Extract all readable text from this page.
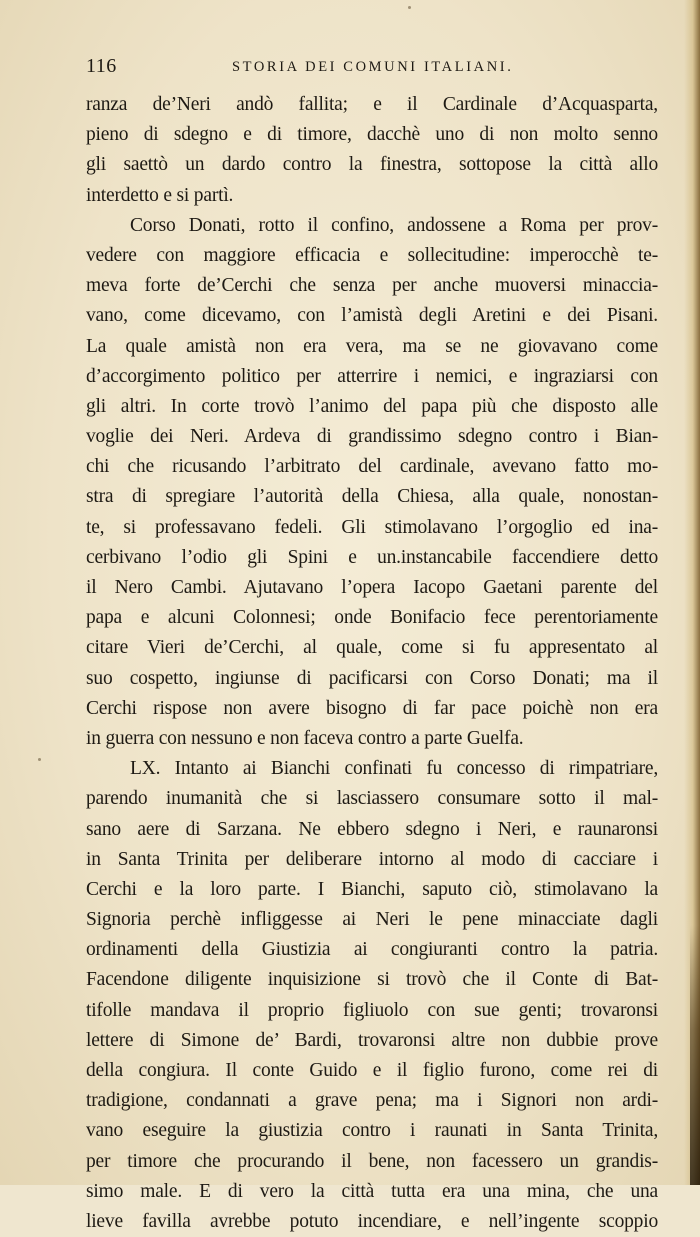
116	STORIA DEI COMUNI ITALIANI.
ranza de’Neri andò fallita; e il Cardinale d’Acquasparta,
pieno di sdegno e di timore, dacchè uno di non molto senno
gli saettò un dardo contro la finestra, sottopose la città allo
interdetto e si partì.
Corso Donati, rotto il confino, andossene a Roma per prov-
vedere con maggiore efficacia e sollecitudine: imperocchè te-
meva forte de’Cerchi che senza per anche muoversi minaccia-
vano, come dicevamo, con l’amistà degli Aretini e dei Pisani.
La quale amistà non era vera, ma se ne giovavano come
d’accorgimento politico per atterrire i nemici, e ingraziarsi con
gli altri. In corte trovò l’animo del papa più che disposto alle
voglie dei Neri. Ardeva di grandissimo sdegno contro i Bian-
chi che ricusando l’arbitrato del cardinale, avevano fatto mo-
stra di spregiare l’autorità della Chiesa, alla quale, nonostan-
te, si professavano fedeli. Gli stimolavano l’orgoglio ed ina-
cerbivano l’odio gli Spini e un.instancabile faccendiere detto
il Nero Cambi. Ajutavano l’opera Iacopo Gaetani parente del
papa e alcuni Colonnesi; onde Bonifacio fece perentoriamente
citare Vieri de’Cerchi, al quale, come si fu appresentato al
suo cospetto, ingiunse di pacificarsi con Corso Donati; ma il
Cerchi rispose non avere bisogno di far pace poichè non era
in guerra con nessuno e non faceva contro a parte Guelfa.
LX. Intanto ai Bianchi confinati fu concesso di rimpatriare,
parendo inumanità che si lasciassero consumare sotto il mal-
sano aere di Sarzana. Ne ebbero sdegno i Neri, e raunaronsi
in Santa Trinita per deliberare intorno al modo di cacciare i
Cerchi e la loro parte. I Bianchi, saputo ciò, stimolavano la
Signoria perchè infliggesse ai Neri le pene minacciate dagli
ordinamenti della Giustizia ai congiuranti contro la patria.
Facendone diligente inquisizione si trovò che il Conte di Bat-
tifolle mandava il proprio figliuolo con sue genti; trovaronsi
lettere di Simone de’ Bardi, trovaronsi altre non dubbie prove
della congiura. Il conte Guido e il figlio furono, come rei di
tradigione, condannati a grave pena; ma i Signori non ardi-
vano eseguire la giustizia contro i raunati in Santa Trinita,
per timore che procurando il bene, non facessero un grandis-
simo male. E di vero la città tutta era una mina, che una
lieve favilla avrebbe potuto incendiare, e nell’ingente scoppio
